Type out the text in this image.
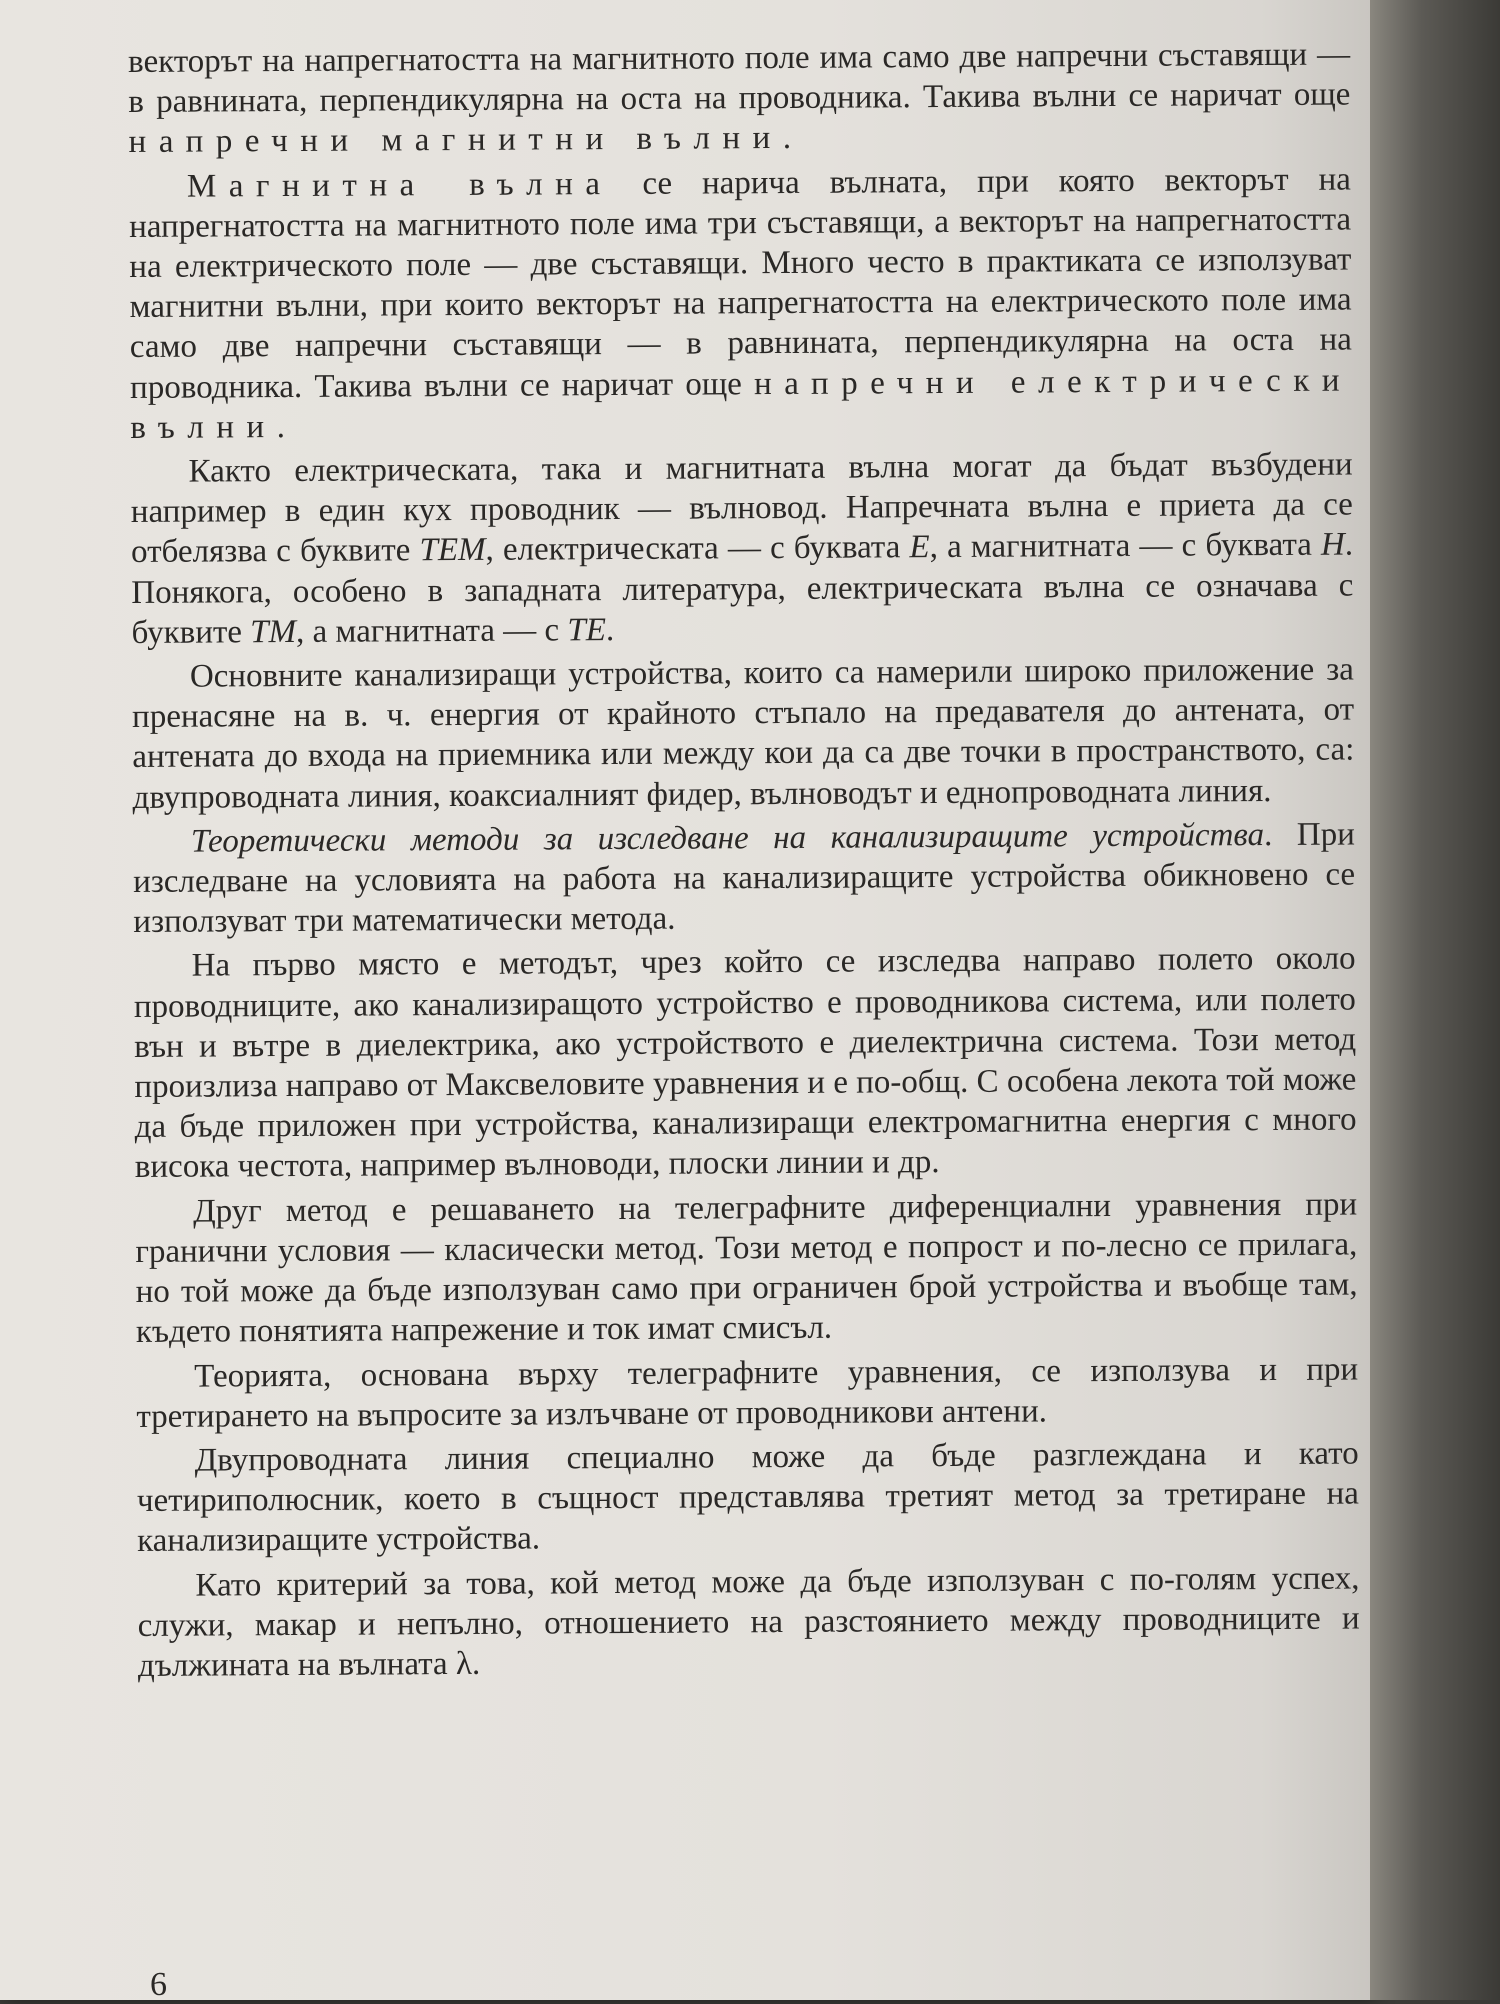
векторът на напрегнатостта на магнитното поле има само две напречни съставящи — в равнината, перпендикулярна на оста на проводника. Такива вълни се наричат още напречни магнитни вълни.

Магнитна вълна се нарича вълната, при която векторът на напрегнатостта на магнитното поле има три съставящи, а векторът на напрегнатостта на електрическото поле — две съставящи. Много често в практиката се използуват магнитни вълни, при които векторът на напрегнатостта на електрическото поле има само две напречни съставящи — в равнината, перпендикулярна на оста на проводника. Такива вълни се наричат още напречни електрически вълни.

Както електрическата, така и магнитната вълна могат да бъдат възбудени например в един кух проводник — вълновод. Напречната вълна е приета да се отбелязва с буквите ТЕМ, електрическата — с буквата Е, а магнитната — с буквата Н. Понякога, особено в западната литература, електрическата вълна се означава с буквите ТМ, а магнитната — с ТЕ.

Основните канализиращи устройства, които са намерили широко приложение за пренасяне на в. ч. енергия от крайното стъпало на предавателя до антената, от антената до входа на приемника или между кои да са две точки в пространството, са: двупроводната линия, коаксиалният фидер, вълноводът и еднопроводната линия.

Теоретически методи за изследване на канализиращите устройства. При изследване на условията на работа на канализиращите устройства обикновено се използуват три математически метода.

На първо място е методът, чрез който се изследва направо полето около проводниците, ако канализиращото устройство е проводникова система, или полето вън и вътре в диелектрика, ако устройството е диелектрична система. Този метод произлиза направо от Максвеловите уравнения и е по-общ. С особена лекота той може да бъде приложен при устройства, канализиращи електромагнитна енергия с много висока честота, например вълноводи, плоски линии и др.

Друг метод е решаването на телеграфните диференциални уравнения при гранични условия — класически метод. Този метод е попрост и по-лесно се прилага, но той може да бъде използуван само при ограничен брой устройства и въобще там, където понятията напрежение и ток имат смисъл.

Теорията, основана върху телеграфните уравнения, се използува и при третирането на въпросите за излъчване от проводникови антени.

Двупроводната линия специално може да бъде разглеждана и като четириполюсник, което в същност представлява третият метод за третиране на канализиращите устройства.

Като критерий за това, кой метод може да бъде използуван с по-голям успех, служи, макар и непълно, отношението на разстоянието между проводниците и дължината на вълната λ.

6
